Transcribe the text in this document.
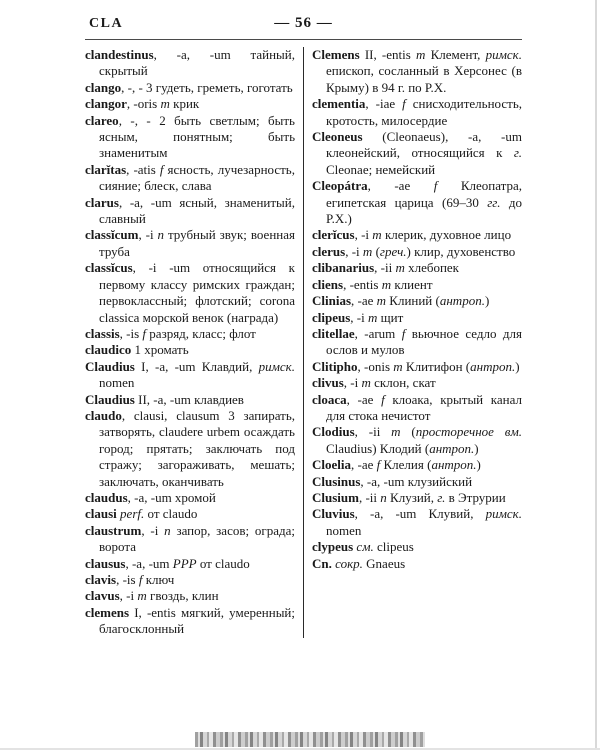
CLA	— 56 —

clandestinus, -a, -um тайный, скрытый

clango, -, - 3 гудеть, греметь, гоготать

clangor, -oris m крик

clareo, -, - 2 быть светлым; быть ясным, понятным; быть знаменитым

clarĭtas, -atis f ясность, лучезарность, сияние; блеск, слава

clarus, -a, -um ясный, знаменитый, славный

classĭcum, -i n трубный звук; военная труба

classĭcus, -i -um относящийся к первому классу римских граждан; первоклассный; флотский; corona classica морской венок (награда)

classis, -is f разряд, класс; флот

claudico 1 хромать

Claudius I, -a, -um Клавдий, римск. nomen

Claudius II, -a, -um клавдиев

claudo, clausi, clausum 3 запирать, затворять, claudere urbem осаждать город; прятать; заключать под стражу; загораживать, мешать; заключать, оканчивать

claudus, -a, -um хромой

clausi perf. от claudo

claustrum, -i n запор, засов; ограда; ворота

clausus, -a, -um PPP от claudo

clavis, -is f ключ

clavus, -i m гвоздь, клин

clemens I, -entis мягкий, умеренный; благосклонный

Clemens II, -entis m Клемент, римск. епископ, сосланный в Херсонес (в Крыму) в 94 г. по Р.Х.

clementia, -iae f снисходительность, кротость, милосердие

Cleoneus (Cleonaeus), -a, -um клеонейский, относящийся к г. Cleonae; немейский

Cleopátra, -ae f Клеопатра, египетская царица (69–30 гг. до Р.Х.)

clerĭcus, -i m клерик, духовное лицо

clerus, -i m (греч.) клир, духовенство

clibanarius, -ii m хлебопек

cliens, -entis m клиент

Clinias, -ae m Клиний (антроп.)

clipeus, -i m щит

clitellae, -arum f вьючное седло для ослов и мулов

Clitipho, -onis m Клитифон (антроп.)

clivus, -i m склон, скат

cloaca, -ae f клоака, крытый канал для стока нечистот

Clodius, -ii m (просторечное вм. Claudius) Клодий (антроп.)

Cloelia, -ae f Клелия (антроп.)

Clusinus, -a, -um клузийский

Clusium, -ii n Клузий, г. в Этрурии

Cluvius, -a, -um Клувий, римск. nomen

clypeus см. clipeus

Cn. сокр. Gnaeus
